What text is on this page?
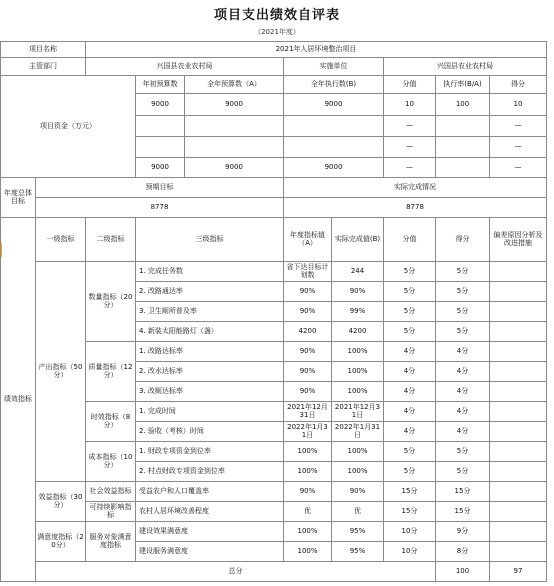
项目支出绩效自评表
（2021年度）
项目名称		2021年人居环境整治项目								
主管部门		兴国县农业农村局			实施单位		兴国县农业农村局			
项目资金（万元）			年初预算数	全年预算数（A）	全年执行数(B)		分值	执行率(B/A)	得分	
			9000	9000	9000		10	100	10	
							—		—	
							—		—	
			9000	9000	9000		—		—	
年度总体目标	预期目标				实际完成情况					
	8778				8778					
绩效指标	一级指标	二级指标	三级指标		年度指标值（A）	实际完成值(B)	分值	得分	偏差原因分析及改进措施	
	产出指标（50分）	数量指标（20分）	1. 完成任务数		省下达目标计划数	244	5分	5分		
			2. 改路通达率		90%	90%	5分	5分		
			3. 卫生厕所普及率		90%	99%	5分	5分		
			4. 新装太阳能路灯（盏）		4200	4200	5分	5分		
		质量指标（12分）	1. 改路达标率		90%	100%	4分	4分		
			2. 改水达标率		90%	100%	4分	4分		
			3. 改厕达标率		90%	100%	4分	4分		
		时效指标（8分）	1. 完成时间		2021年12月31日	2021年12月31日	4分	4分		
			2. 验收（考核）时间		2022年1月31日	2022年1月31日	4分	4分		
		成本指标（10分）	1. 财政专项资金到位率		100%	100%	5分	5分		
			2. 村点财政专项资金到位率		100%	100%	5分	5分		
	效益指标（30分）	社会效益指标	受益农户和人口覆盖率		90%	90%	15分	15分		
		可持续影响指标	农村人居环境改善程度		优	优	15分	15分		
	满意度指标（20分）	服务对象满意度指标	建设效果满意度		100%	95%	10分	9分		
			建设服务满意度		100%	95%	10分	8分		
	总分							100	97	
